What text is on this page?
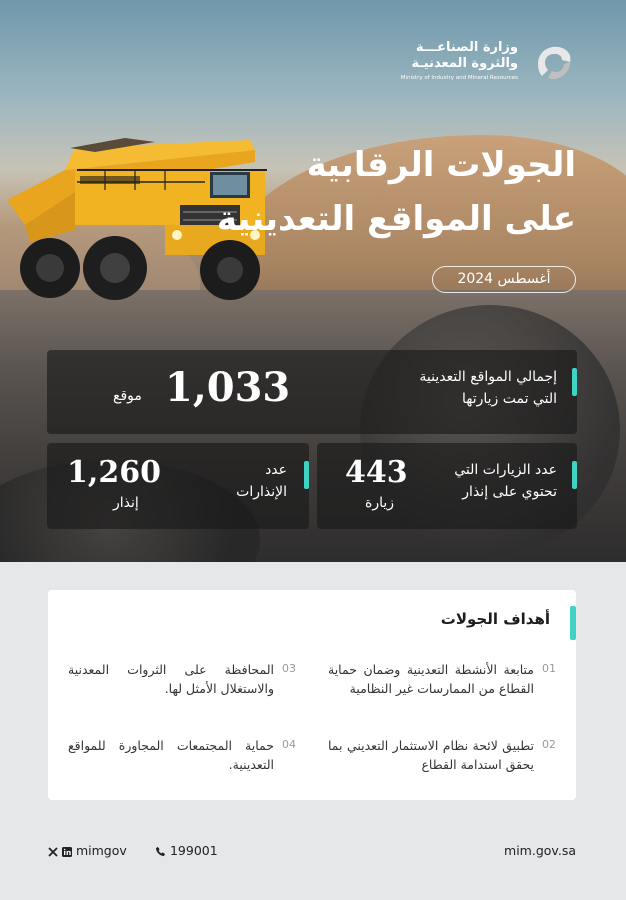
وزارة الصناعـــة
والثروة المعدنيـة
Ministry of Industry and Mineral Resources
الجولات الرقابية
على المواقع التعدينية
أغسطس 2024
إجمالي المواقع التعدينية
التي تمت زيارتها
1,033
موقع
عدد الزيارات التي
تحتوي على إنذار
443
زيارة
عدد
الإنذارات
1,260
إنذار
أهداف الجولات
01
متابعة الأنشطة التعدينية وضمان حماية القطاع من الممارسات غير النظامية
02
تطبيق لائحة نظام الاستثمار التعديني بما يحقق استدامة القطاع
03
المحافظة على الثروات المعدنية والاستغلال الأمثل لها.
04
حماية المجتمعات المجاورة للمواقع التعدينية.
mimgov	199001	mim.gov.sa
